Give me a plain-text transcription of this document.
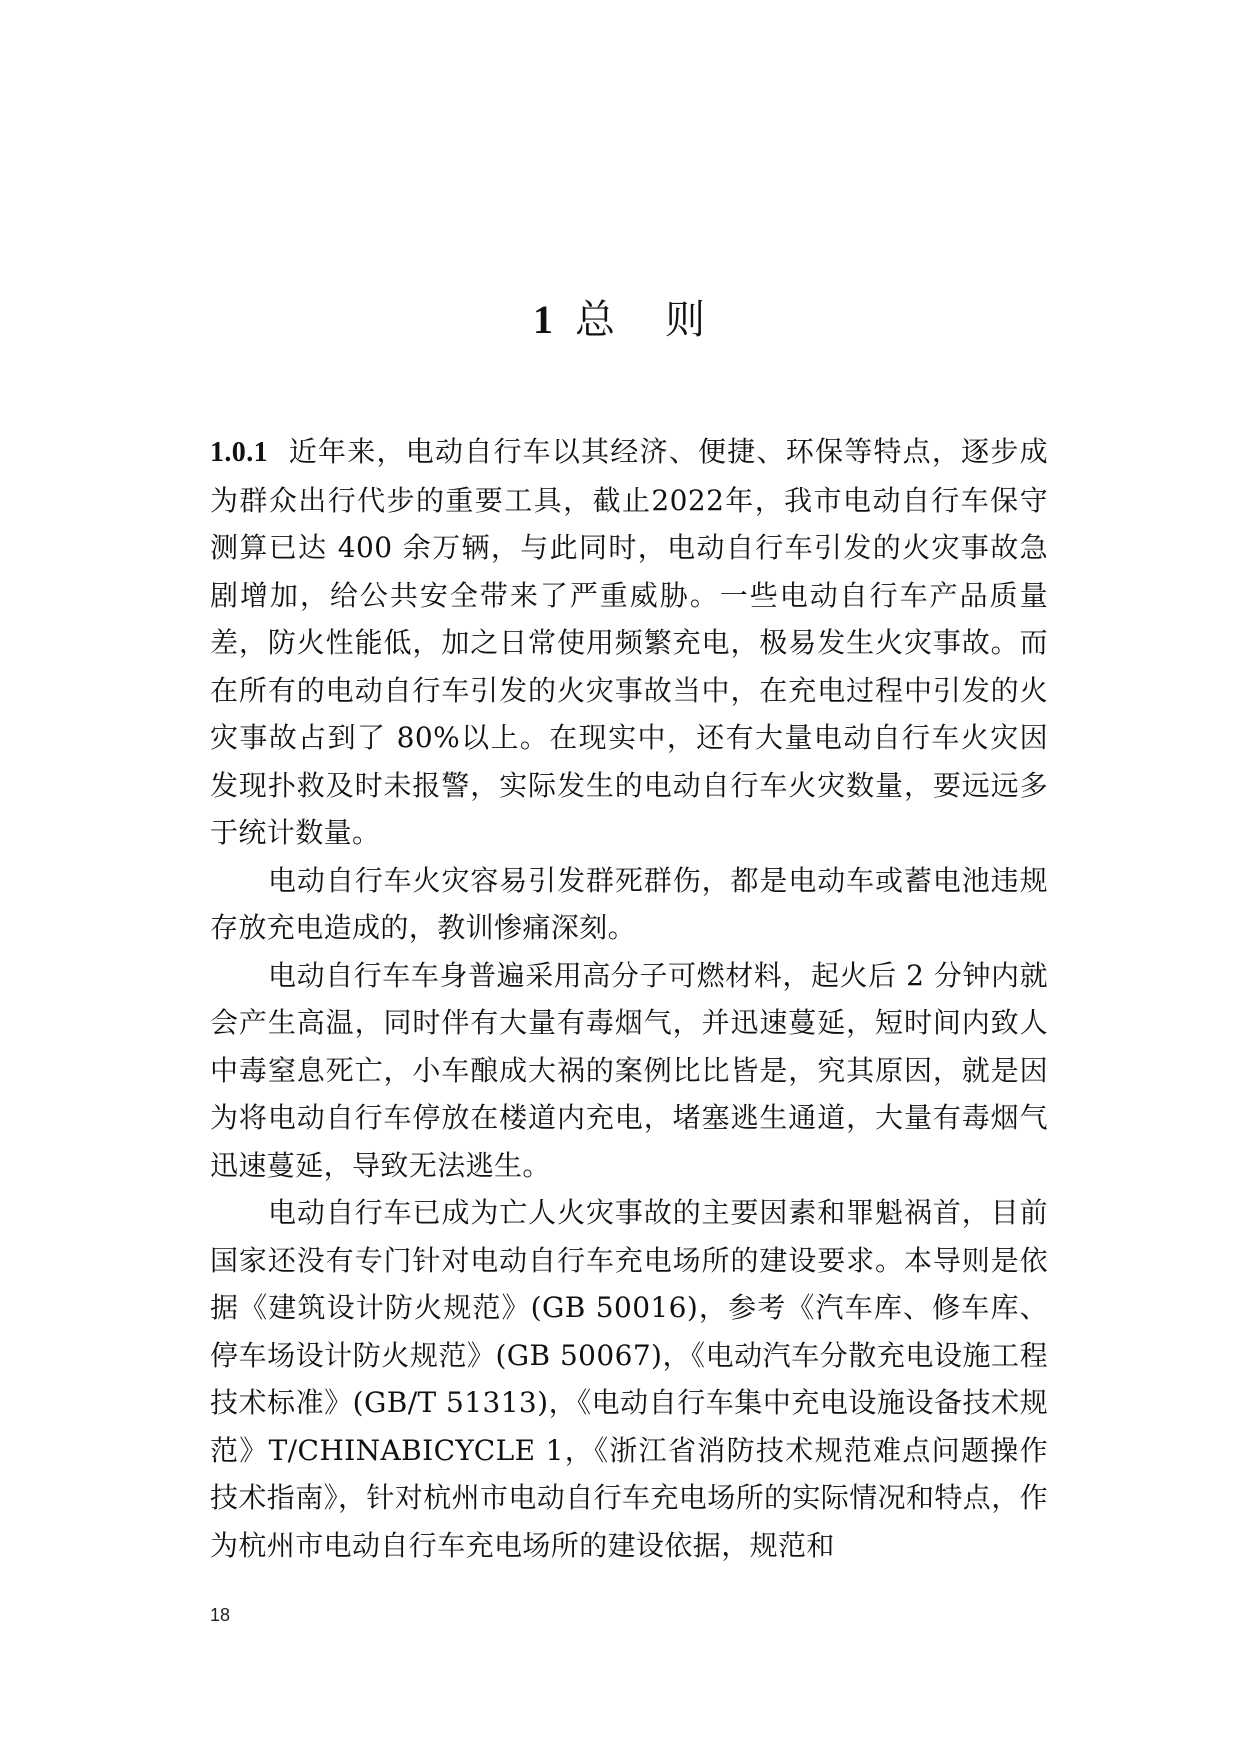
1 总 则

1.0.1 近年来，电动自行车以其经济、便捷、环保等特点，逐步成为群众出行代步的重要工具，截止2022年，我市电动自行车保守测算已达 400 余万辆，与此同时，电动自行车引发的火灾事故急剧增加，给公共安全带来了严重威胁。一些电动自行车产品质量差，防火性能低，加之日常使用频繁充电，极易发生火灾事故。而在所有的电动自行车引发的火灾事故当中，在充电过程中引发的火灾事故占到了 80%以上。在现实中，还有大量电动自行车火灾因发现扑救及时未报警，实际发生的电动自行车火灾数量，要远远多于统计数量。

电动自行车火灾容易引发群死群伤，都是电动车或蓄电池违规存放充电造成的，教训惨痛深刻。

电动自行车车身普遍采用高分子可燃材料，起火后 2 分钟内就会产生高温，同时伴有大量有毒烟气，并迅速蔓延，短时间内致人中毒窒息死亡，小车酿成大祸的案例比比皆是，究其原因，就是因为将电动自行车停放在楼道内充电，堵塞逃生通道，大量有毒烟气迅速蔓延，导致无法逃生。

电动自行车已成为亡人火灾事故的主要因素和罪魁祸首，目前国家还没有专门针对电动自行车充电场所的建设要求。本导则是依据《建筑设计防火规范》(GB 50016)，参考《汽车库、修车库、停车场设计防火规范》(GB 50067)，《电动汽车分散充电设施工程技术标准》(GB/T 51313)，《电动自行车集中充电设施设备技术规范》T/CHINABICYCLE 1，《浙江省消防技术规范难点问题操作技术指南》，针对杭州市电动自行车充电场所的实际情况和特点，作为杭州市电动自行车充电场所的建设依据，规范和

18
